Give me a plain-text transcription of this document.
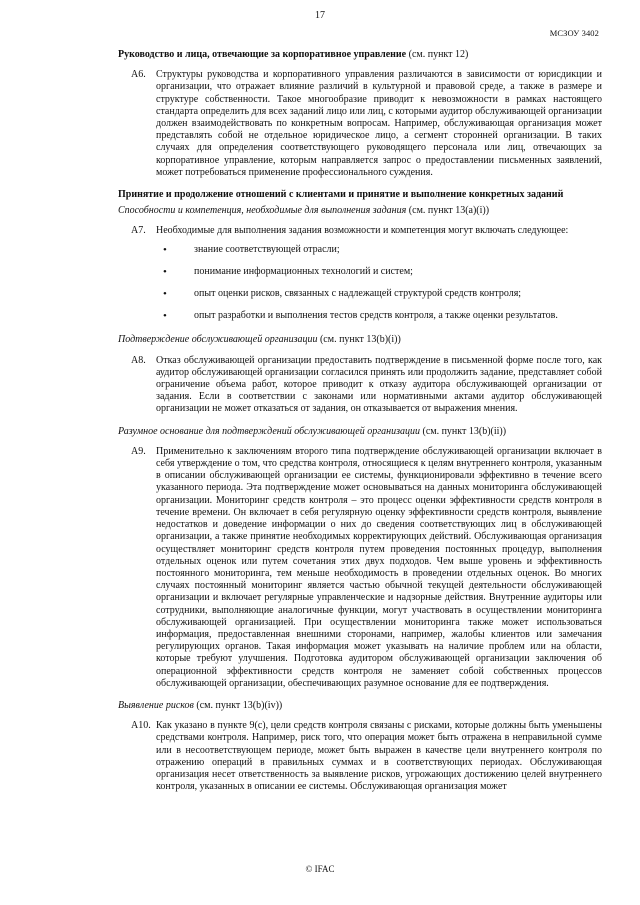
17
МСЗОУ 3402

Руководство и лица, отвечающие за корпоративное управление (см. пункт 12)

A6.	Структуры руководства и корпоративного управления различаются в зависимости от юрисдикции и организации, что отражает влияние различий в культурной и правовой среде, а также в размере и структуре собственности. Такое многообразие приводит к невозможности в рамках настоящего стандарта определить для всех заданий лицо или лиц, с которыми аудитор обслуживающей организации должен взаимодействовать по конкретным вопросам. Например, обслуживающая организация может представлять собой не отдельное юридическое лицо, а сегмент сторонней организации. В таких случаях для определения соответствующего руководящего персонала или лиц, отвечающих за корпоративное управление, которым направляется запрос о предоставлении письменных заявлений, может потребоваться применение профессионального суждения.

Принятие и продолжение отношений с клиентами и принятие и выполнение конкретных заданий

Способности и компетенция, необходимые для выполнения задания (см. пункт 13(a)(i))

A7.	Необходимые для выполнения задания возможности и компетенция могут включать следующее:
•	знание соответствующей отрасли;
•	понимание информационных технологий и систем;
•	опыт оценки рисков, связанных с надлежащей структурой средств контроля;
•	опыт разработки и выполнения тестов средств контроля, а также оценки результатов.

Подтверждение обслуживающей организации (см. пункт 13(b)(i))

A8.	Отказ обслуживающей организации предоставить подтверждение в письменной форме после того, как аудитор обслуживающей организации согласился принять или продолжить задание, представляет собой ограничение объема работ, которое приводит к отказу аудитора обслуживающей организации от задания. Если в соответствии с законами или нормативными актами аудитор обслуживающей организации не может отказаться от задания, он отказывается от выражения мнения.

Разумное основание для подтверждений обслуживающей организации (см. пункт 13(b)(ii))

A9.	Применительно к заключениям второго типа подтверждение обслуживающей организации включает в себя утверждение о том, что средства контроля, относящиеся к целям внутреннего контроля, указанным в описании обслуживающей организации ее системы, функционировали эффективно в течение всего указанного периода. Эта подтверждение может основываться на данных мониторинга обслуживающей организации. Мониторинг средств контроля – это процесс оценки эффективности средств контроля в течение времени. Он включает в себя регулярную оценку эффективности средств контроля, выявление недостатков и доведение информации о них до сведения соответствующих лиц в обслуживающей организации, а также принятие необходимых корректирующих действий. Обслуживающая организация осуществляет мониторинг средств контроля путем проведения постоянных процедур, выполнения отдельных оценок или путем сочетания этих двух подходов. Чем выше уровень и эффективность постоянного мониторинга, тем меньше необходимость в проведении отдельных оценок. Во многих случаях постоянный мониторинг является частью обычной текущей деятельности обслуживающей организации и включает регулярные управленческие и надзорные действия. Внутренние аудиторы или сотрудники, выполняющие аналогичные функции, могут участвовать в осуществлении мониторинга обслуживающей организацией. При осуществлении мониторинга также может использоваться информация, предоставленная внешними сторонами, например, жалобы клиентов или замечания регулирующих органов. Такая информация может указывать на наличие проблем или на области, которые требуют улучшения. Подготовка аудитором обслуживающей организации заключения об операционной эффективности средств контроля не заменяет собой собственных процессов обслуживающей организации, обеспечивающих разумное основание для ее подтверждения.

Выявление рисков (см. пункт 13(b)(iv))

A10. Как указано в пункте 9(c), цели средств контроля связаны с рисками, которые должны быть уменьшены средствами контроля. Например, риск того, что операция может быть отражена в неправильной сумме или в несоответствующем периоде, может быть выражен в качестве цели внутреннего контроля по отражению операций в правильных суммах и в соответствующих периодах. Обслуживающая организация несет ответственность за выявление рисков, угрожающих достижению целей внутреннего контроля, указанных в описании ее системы. Обслуживающая организация может
© IFAC
